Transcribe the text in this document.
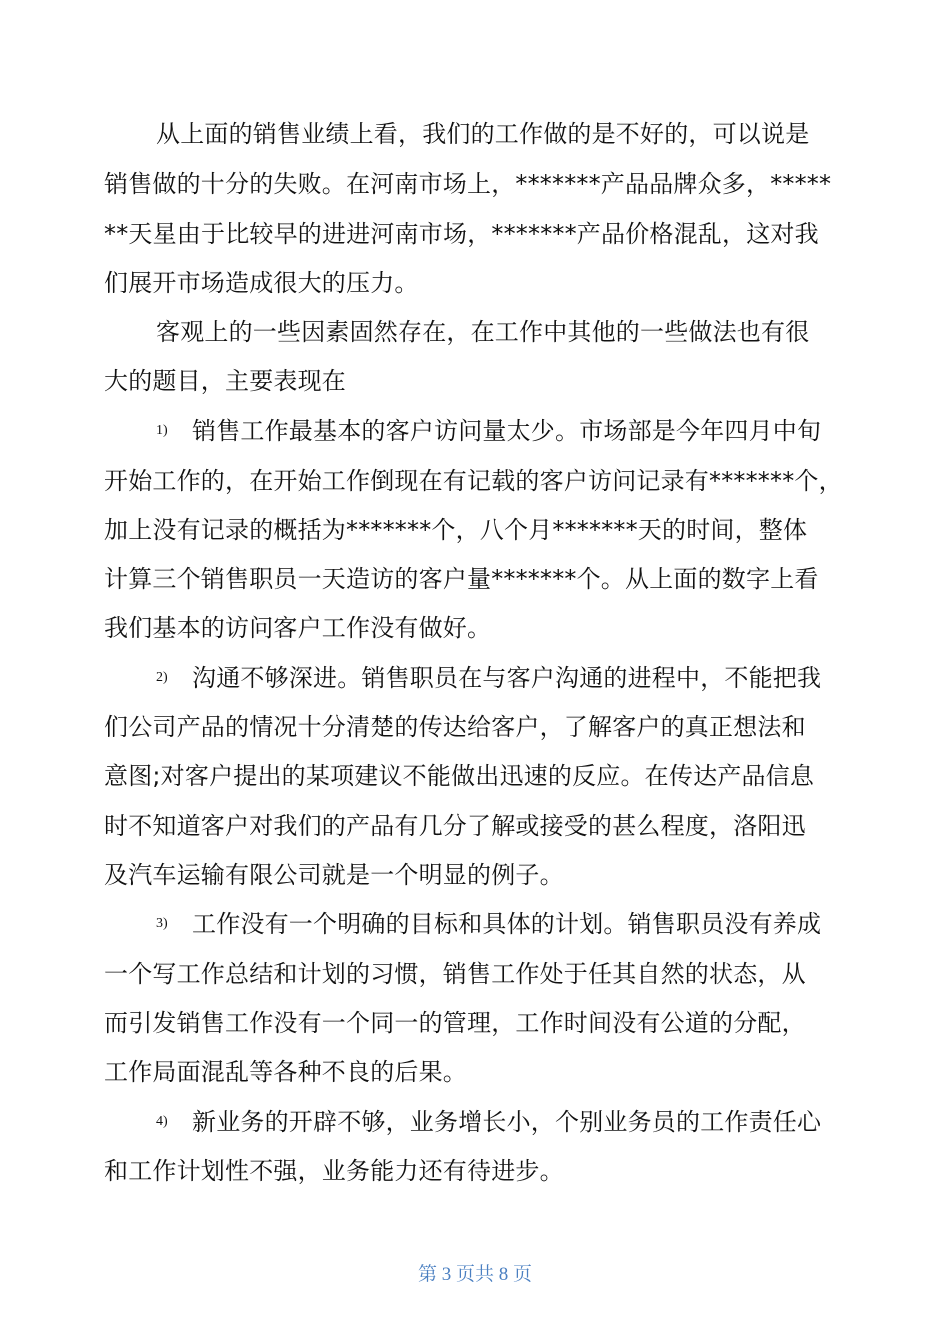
从上面的销售业绩上看，我们的工作做的是不好的，可以说是
销售做的十分的失败。在河南市场上，*******产品品牌众多，*****
**天星由于比较早的进进河南市场，*******产品价格混乱，这对我
们展开市场造成很大的压力。
客观上的一些因素固然存在，在工作中其他的一些做法也有很
大的题目，主要表现在
1) 销售工作最基本的客户访问量太少。市场部是今年四月中旬
开始工作的，在开始工作倒现在有记载的客户访问记录有*******个，
加上没有记录的概括为*******个，八个月*******天的时间，整体
计算三个销售职员一天造访的客户量*******个。从上面的数字上看
我们基本的访问客户工作没有做好。
2) 沟通不够深进。销售职员在与客户沟通的进程中，不能把我
们公司产品的情况十分清楚的传达给客户，了解客户的真正想法和
意图;对客户提出的某项建议不能做出迅速的反应。在传达产品信息
时不知道客户对我们的产品有几分了解或接受的甚么程度，洛阳迅
及汽车运输有限公司就是一个明显的例子。
3) 工作没有一个明确的目标和具体的计划。销售职员没有养成
一个写工作总结和计划的习惯，销售工作处于任其自然的状态，从
而引发销售工作没有一个同一的管理，工作时间没有公道的分配，
工作局面混乱等各种不良的后果。
4) 新业务的开辟不够，业务增长小，个别业务员的工作责任心
和工作计划性不强，业务能力还有待进步。
第 3 页共 8 页
